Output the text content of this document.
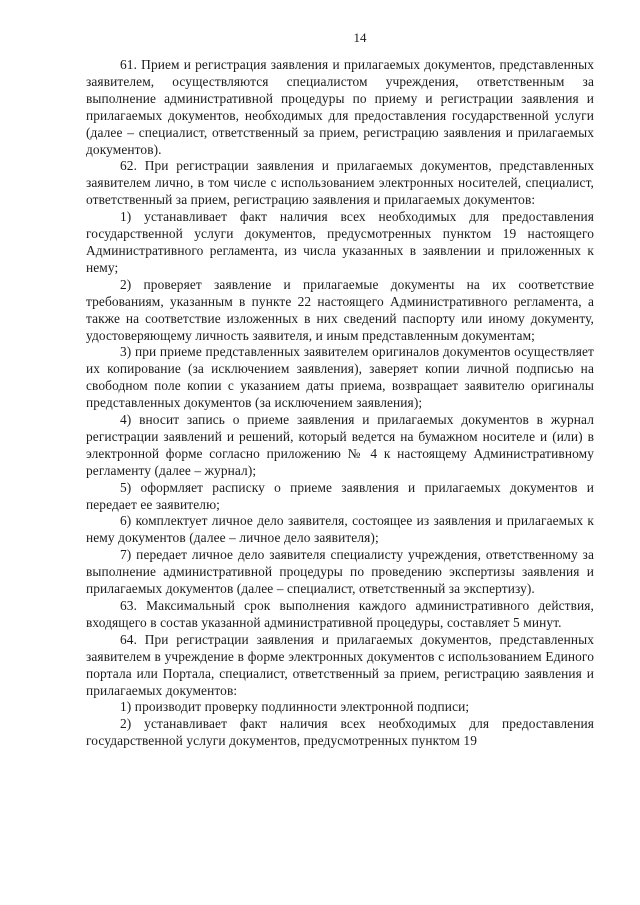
14

61. Прием и регистрация заявления и прилагаемых документов, представленных заявителем, осуществляются специалистом учреждения, ответственным за выполнение административной процедуры по приему и регистрации заявления и прилагаемых документов, необходимых для предоставления государственной услуги (далее – специалист, ответственный за прием, регистрацию заявления и прилагаемых документов).

62. При регистрации заявления и прилагаемых документов, представленных заявителем лично, в том числе с использованием электронных носителей, специалист, ответственный за прием, регистрацию заявления и прилагаемых документов:

1) устанавливает факт наличия всех необходимых для предоставления государственной услуги документов, предусмотренных пунктом 19 настоящего Административного регламента, из числа указанных в заявлении и приложенных к нему;

2) проверяет заявление и прилагаемые документы на их соответствие требованиям, указанным в пункте 22 настоящего Административного регламента, а также на соответствие изложенных в них сведений паспорту или иному документу, удостоверяющему личность заявителя, и иным представленным документам;

3) при приеме представленных заявителем оригиналов документов осуществляет их копирование (за исключением заявления), заверяет копии личной подписью на свободном поле копии с указанием даты приема, возвращает заявителю оригиналы представленных документов (за исключением заявления);

4) вносит запись о приеме заявления и прилагаемых документов в журнал регистрации заявлений и решений, который ведется на бумажном носителе и (или) в электронной форме согласно приложению № 4 к настоящему Административному регламенту (далее – журнал);

5) оформляет расписку о приеме заявления и прилагаемых документов и передает ее заявителю;

6) комплектует личное дело заявителя, состоящее из заявления и прилагаемых к нему документов (далее – личное дело заявителя);

7) передает личное дело заявителя специалисту учреждения, ответственному за выполнение административной процедуры по проведению экспертизы заявления и прилагаемых документов (далее – специалист, ответственный за экспертизу).

63. Максимальный срок выполнения каждого административного действия, входящего в состав указанной административной процедуры, составляет 5 минут.

64. При регистрации заявления и прилагаемых документов, представленных заявителем в учреждение в форме электронных документов с использованием Единого портала или Портала, специалист, ответственный за прием, регистрацию заявления и прилагаемых документов:

1) производит проверку подлинности электронной подписи;

2) устанавливает факт наличия всех необходимых для предоставления государственной услуги документов, предусмотренных пунктом 19
